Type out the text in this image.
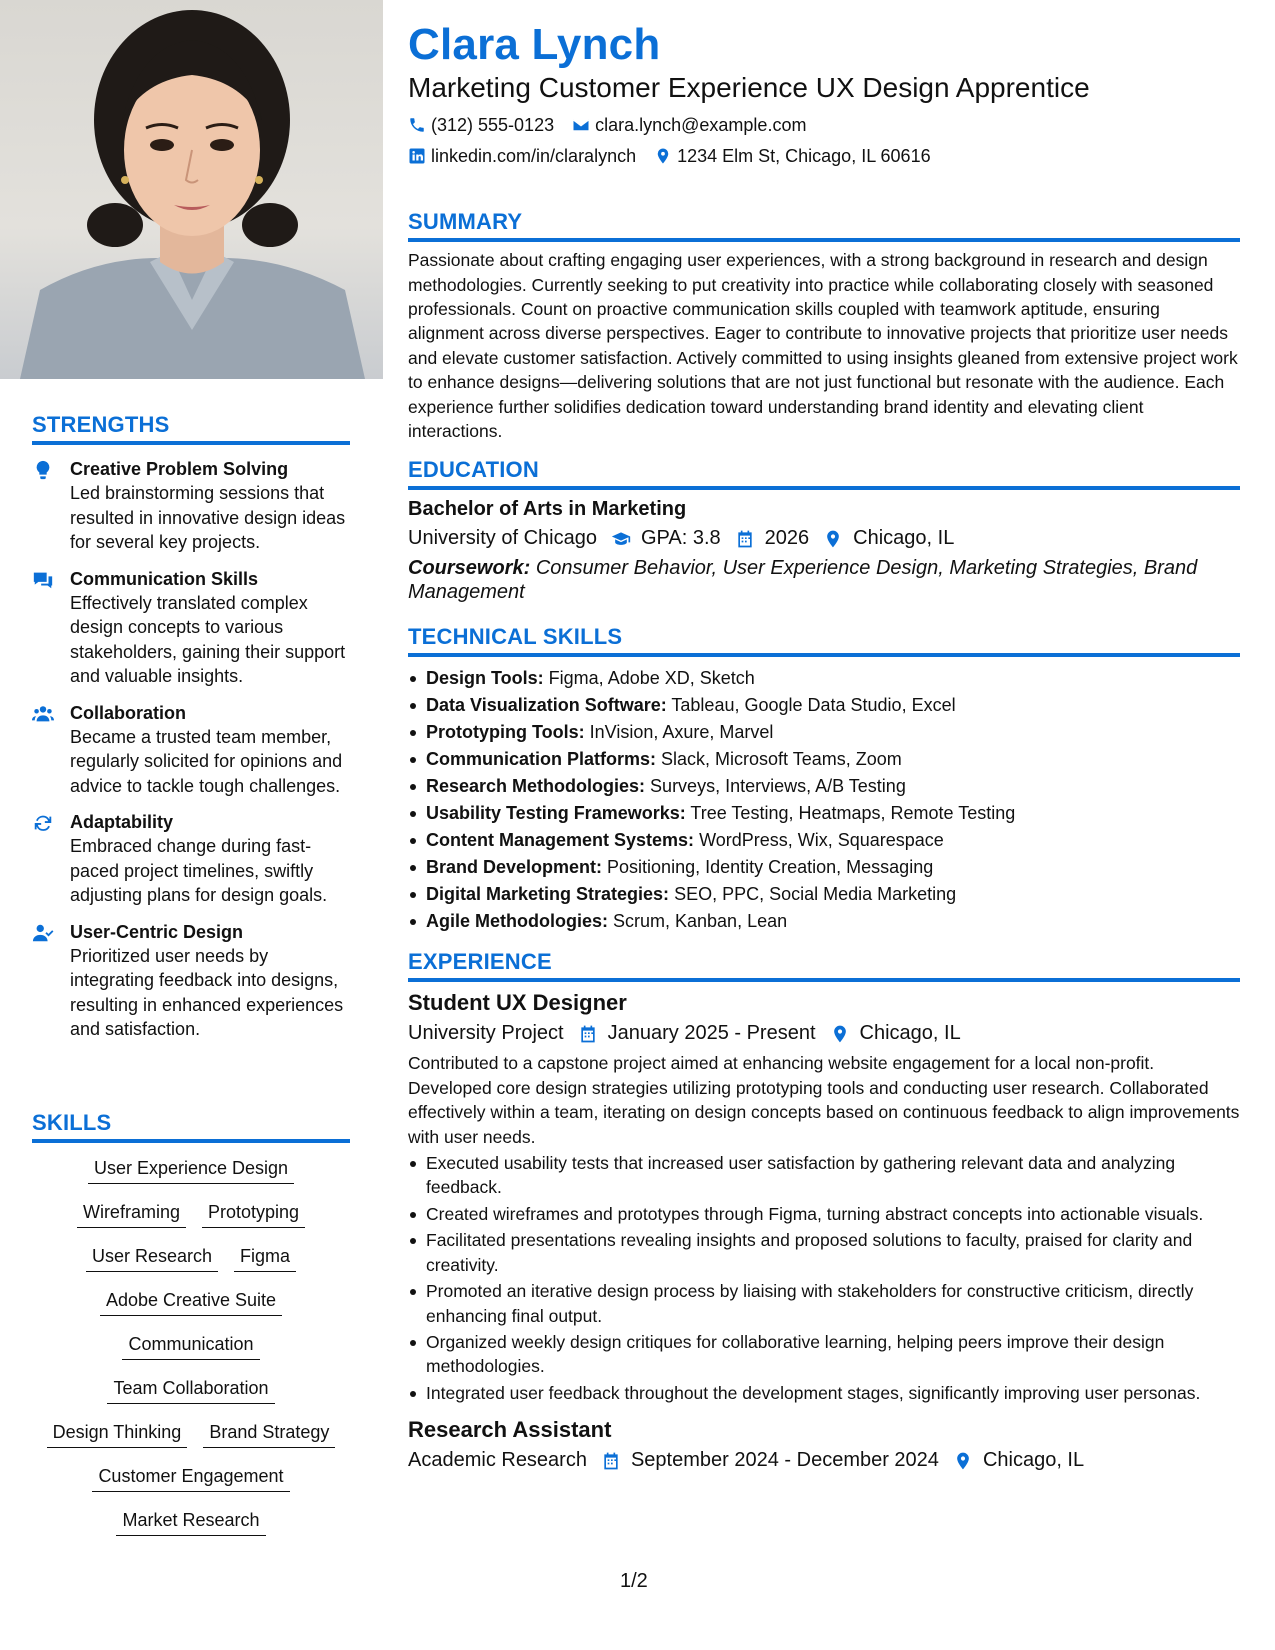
STRENGTHS
Creative Problem Solving
Led brainstorming sessions that resulted in innovative design ideas for several key projects.
Communication Skills
Effectively translated complex design concepts to various stakeholders, gaining their support and valuable insights.
Collaboration
Became a trusted team member, regularly solicited for opinions and advice to tackle tough challenges.
Adaptability
Embraced change during fast-paced project timelines, swiftly adjusting plans for design goals.
User-Centric Design
Prioritized user needs by integrating feedback into designs, resulting in enhanced experiences and satisfaction.
SKILLS
User Experience Design
Wireframing	Prototyping
User Research	Figma
Adobe Creative Suite
Communication
Team Collaboration
Design Thinking	Brand Strategy
Customer Engagement
Market Research
Clara Lynch
Marketing Customer Experience UX Design Apprentice
(312) 555-0123 clara.lynch@example.com
linkedin.com/in/claralynch 1234 Elm St, Chicago, IL 60616
SUMMARY
Passionate about crafting engaging user experiences, with a strong background in research and design methodologies. Currently seeking to put creativity into practice while collaborating closely with seasoned professionals. Count on proactive communication skills coupled with teamwork aptitude, ensuring alignment across diverse perspectives. Eager to contribute to innovative projects that prioritize user needs and elevate customer satisfaction. Actively committed to using insights gleaned from extensive project work to enhance designs—delivering solutions that are not just functional but resonate with the audience. Each experience further solidifies dedication toward understanding brand identity and elevating client interactions.
EDUCATION
Bachelor of Arts in Marketing
University of Chicago GPA: 3.8 2026 Chicago, IL
Coursework: Consumer Behavior, User Experience Design, Marketing Strategies, Brand Management
TECHNICAL SKILLS
Design Tools: Figma, Adobe XD, Sketch
Data Visualization Software: Tableau, Google Data Studio, Excel
Prototyping Tools: InVision, Axure, Marvel
Communication Platforms: Slack, Microsoft Teams, Zoom
Research Methodologies: Surveys, Interviews, A/B Testing
Usability Testing Frameworks: Tree Testing, Heatmaps, Remote Testing
Content Management Systems: WordPress, Wix, Squarespace
Brand Development: Positioning, Identity Creation, Messaging
Digital Marketing Strategies: SEO, PPC, Social Media Marketing
Agile Methodologies: Scrum, Kanban, Lean
EXPERIENCE
Student UX Designer
University Project January 2025 - Present Chicago, IL
Contributed to a capstone project aimed at enhancing website engagement for a local non-profit. Developed core design strategies utilizing prototyping tools and conducting user research. Collaborated effectively within a team, iterating on design concepts based on continuous feedback to align improvements with user needs.
Executed usability tests that increased user satisfaction by gathering relevant data and analyzing feedback.
Created wireframes and prototypes through Figma, turning abstract concepts into actionable visuals.
Facilitated presentations revealing insights and proposed solutions to faculty, praised for clarity and creativity.
Promoted an iterative design process by liaising with stakeholders for constructive criticism, directly enhancing final output.
Organized weekly design critiques for collaborative learning, helping peers improve their design methodologies.
Integrated user feedback throughout the development stages, significantly improving user personas.
Research Assistant
Academic Research September 2024 - December 2024 Chicago, IL
1/2
